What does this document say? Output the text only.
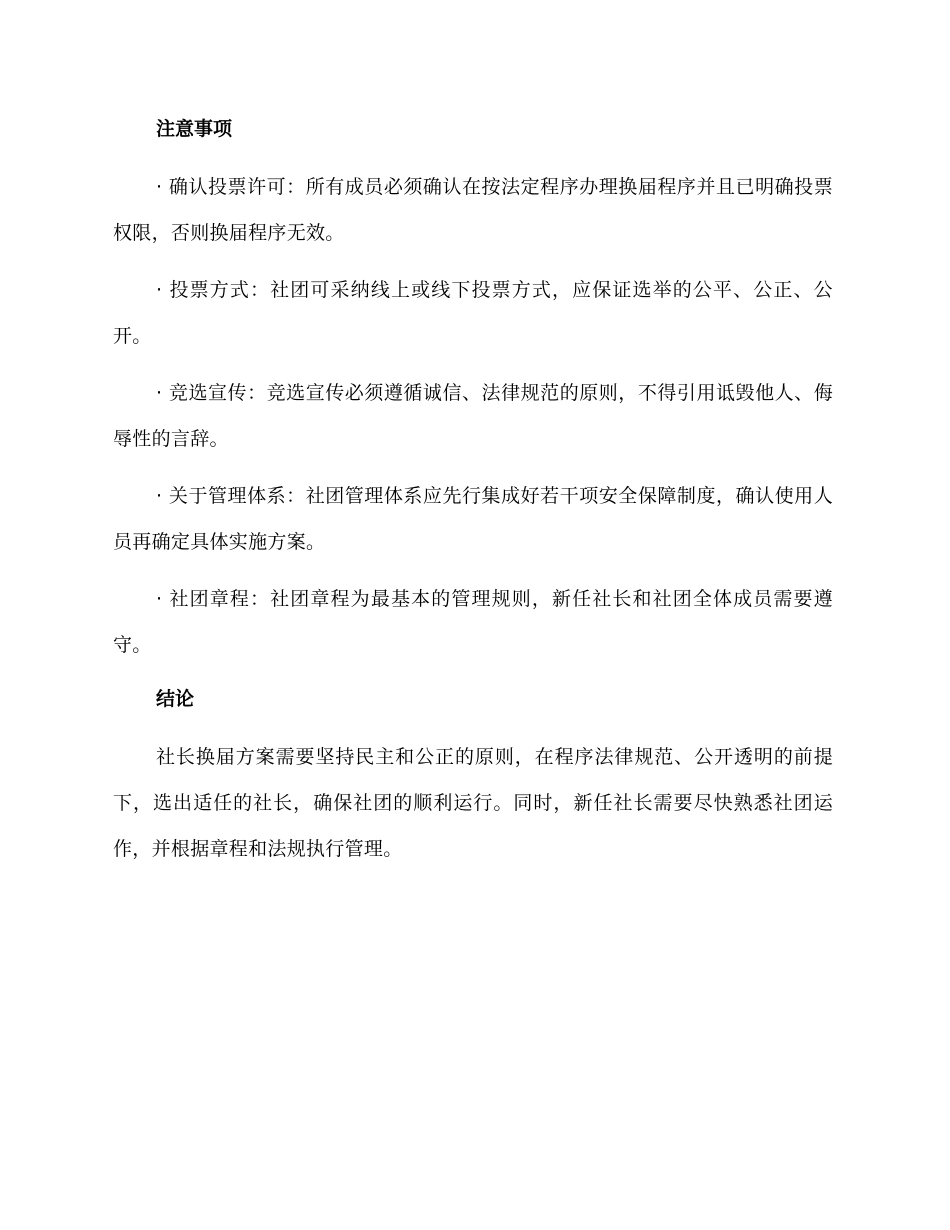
注意事项

· 确认投票许可：所有成员必须确认在按法定程序办理换届程序并且已明确投票权限，否则换届程序无效。

· 投票方式：社团可采纳线上或线下投票方式，应保证选举的公平、公正、公开。

· 竞选宣传：竞选宣传必须遵循诚信、法律规范的原则，不得引用诋毁他人、侮辱性的言辞。

· 关于管理体系：社团管理体系应先行集成好若干项安全保障制度，确认使用人员再确定具体实施方案。

· 社团章程：社团章程为最基本的管理规则，新任社长和社团全体成员需要遵守。

结论

社长换届方案需要坚持民主和公正的原则，在程序法律规范、公开透明的前提下，选出适任的社长，确保社团的顺利运行。同时，新任社长需要尽快熟悉社团运作，并根据章程和法规执行管理。
